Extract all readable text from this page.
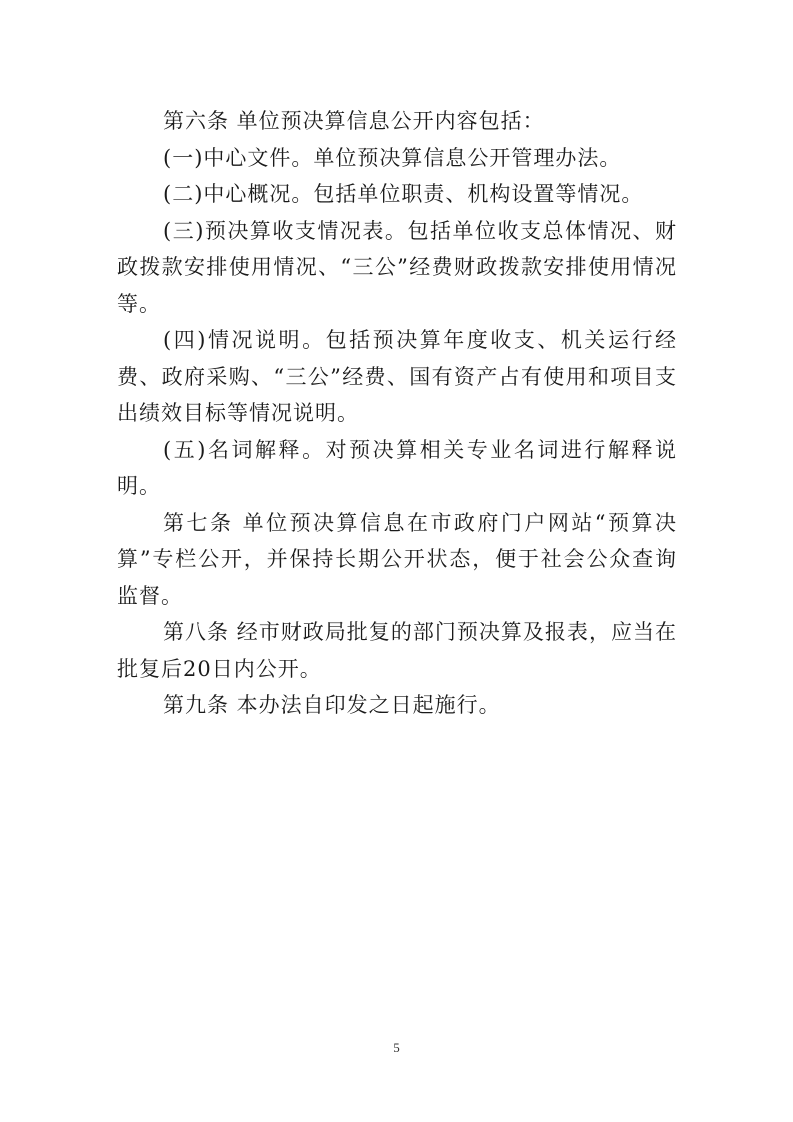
第六条 单位预决算信息公开内容包括：

(一)中心文件。单位预决算信息公开管理办法。

(二)中心概况。包括单位职责、机构设置等情况。

(三)预决算收支情况表。包括单位收支总体情况、财政拨款安排使用情况、“三公”经费财政拨款安排使用情况等。

(四)情况说明。包括预决算年度收支、机关运行经费、政府采购、“三公”经费、国有资产占有使用和项目支出绩效目标等情况说明。

(五)名词解释。对预决算相关专业名词进行解释说明。

第七条 单位预决算信息在市政府门户网站“预算决算”专栏公开，并保持长期公开状态，便于社会公众查询监督。

第八条 经市财政局批复的部门预决算及报表，应当在批复后20日内公开。

第九条 本办法自印发之日起施行。

5
